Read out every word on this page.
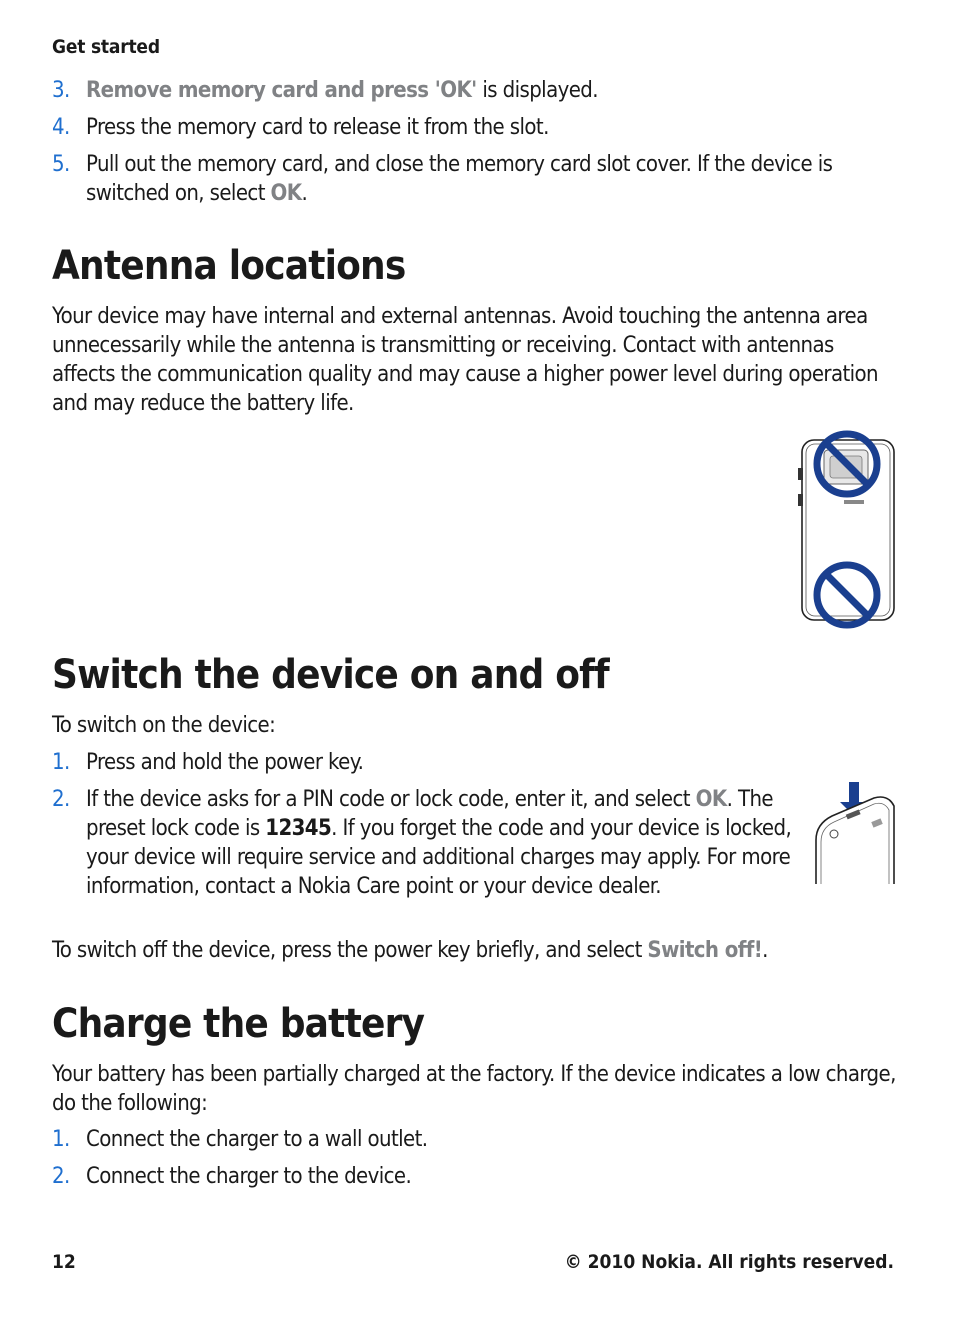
Get started
3. Remove memory card and press 'OK' is displayed.
4. Press the memory card to release it from the slot.
5. Pull out the memory card, and close the memory card slot cover. If the device is switched on, select OK.
Antenna locations
Your device may have internal and external antennas. Avoid touching the antenna area unnecessarily while the antenna is transmitting or receiving. Contact with antennas affects the communication quality and may cause a higher power level during operation and may reduce the battery life.
Switch the device on and off
To switch on the device:
1. Press and hold the power key.
2. If the device asks for a PIN code or lock code, enter it, and select OK. The preset lock code is 12345. If you forget the code and your device is locked, your device will require service and additional charges may apply. For more information, contact a Nokia Care point or your device dealer.
To switch off the device, press the power key briefly, and select Switch off!.
Charge the battery
Your battery has been partially charged at the factory. If the device indicates a low charge, do the following:
1. Connect the charger to a wall outlet.
2. Connect the charger to the device.
12	© 2010 Nokia. All rights reserved.
